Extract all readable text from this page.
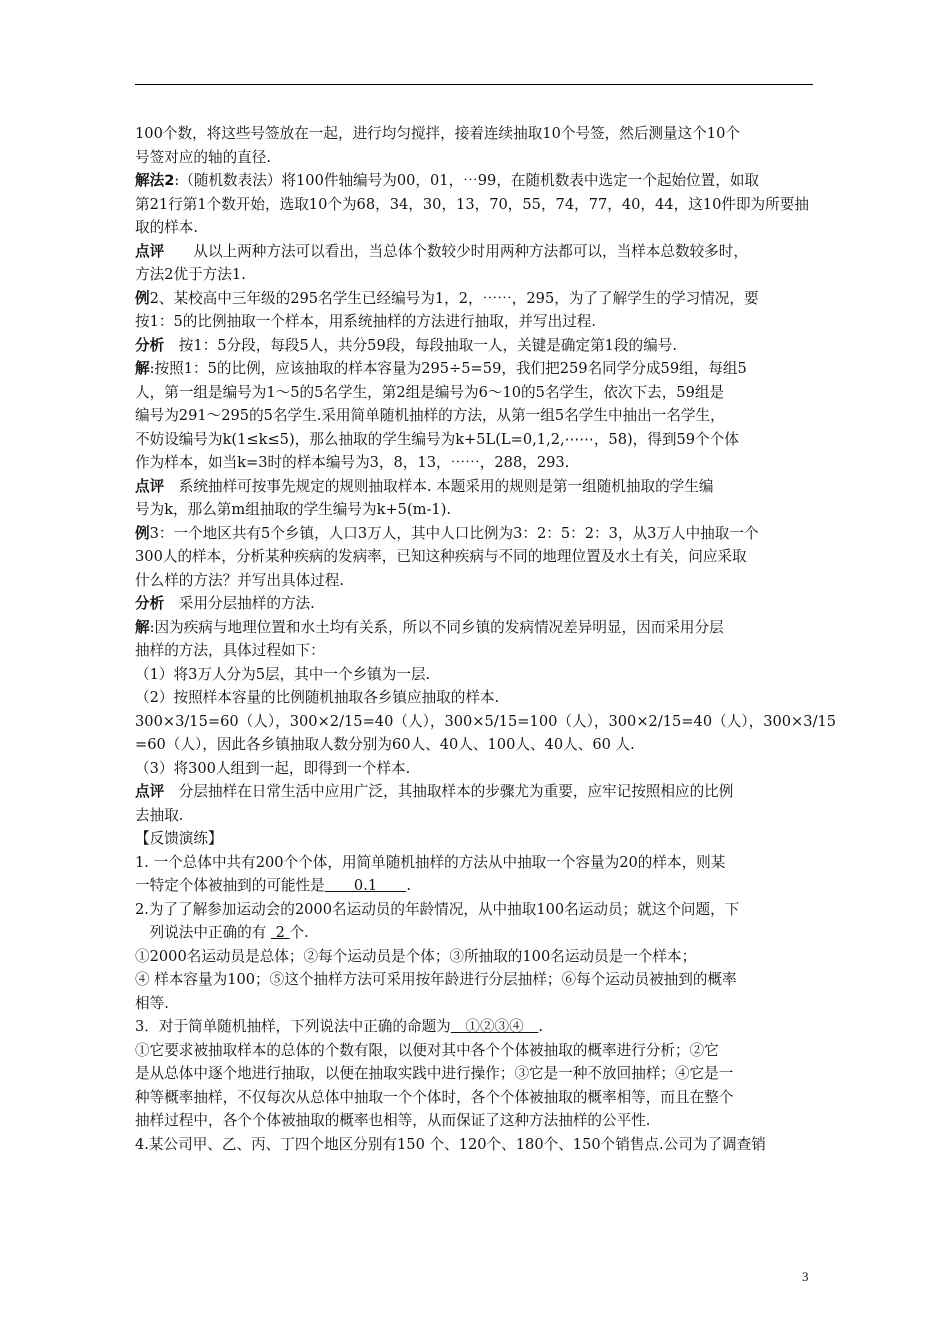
100个数，将这些号签放在一起，进行均匀搅拌，接着连续抽取10个号签，然后测量这个10个
号签对应的轴的直径.
解法2:（随机数表法）将100件轴编号为00，01，⋯99，在随机数表中选定一个起始位置，如取
第21行第1个数开始，选取10个为68，34，30，13，70，55，74，77，40，44，这10件即为所要抽
取的样本.
点评　　从以上两种方法可以看出，当总体个数较少时用两种方法都可以，当样本总数较多时，
方法2优于方法1.
例2、某校高中三年级的295名学生已经编号为1，2，⋯⋯，295，为了了解学生的学习情况，要
按1：5的比例抽取一个样本，用系统抽样的方法进行抽取，并写出过程.
分析　按1：5分段，每段5人，共分59段，每段抽取一人，关键是确定第1段的编号.
解:按照1：5的比例，应该抽取的样本容量为295÷5=59，我们把259名同学分成59组，每组5
人，第一组是编号为1～5的5名学生，第2组是编号为6～10的5名学生，依次下去，59组是
编号为291～295的5名学生.采用简单随机抽样的方法，从第一组5名学生中抽出一名学生，
不妨设编号为k(1≤k≤5)，那么抽取的学生编号为k+5L(L=0,1,2,⋯⋯，58)，得到59个个体
作为样本，如当k=3时的样本编号为3，8，13，⋯⋯，288，293.
点评　系统抽样可按事先规定的规则抽取样本. 本题采用的规则是第一组随机抽取的学生编
号为k，那么第m组抽取的学生编号为k+5(m-1).
例3：一个地区共有5个乡镇，人口3万人，其中人口比例为3：2：5：2：3，从3万人中抽取一个
300人的样本，分析某种疾病的发病率，已知这种疾病与不同的地理位置及水土有关，问应采取
什么样的方法？并写出具体过程.
分析　采用分层抽样的方法.
解:因为疾病与地理位置和水土均有关系，所以不同乡镇的发病情况差异明显，因而采用分层
抽样的方法，具体过程如下：
（1）将3万人分为5层，其中一个乡镇为一层.
（2）按照样本容量的比例随机抽取各乡镇应抽取的样本.
300×3/15=60（人），300×2/15=40（人），300×5/15=100（人），300×2/15=40（人），300×3/15
=60（人），因此各乡镇抽取人数分别为60人、40人、100人、40人、60 人.
（3）将300人组到一起，即得到一个样本.
点评　分层抽样在日常生活中应用广泛，其抽取样本的步骤尤为重要，应牢记按照相应的比例
去抽取.
【反馈演练】
1. 一个总体中共有200个个体，用简单随机抽样的方法从中抽取一个容量为20的样本，则某
一特定个体被抽到的可能性是　　0.1　　.
2.为了了解参加运动会的2000名运动员的年龄情况，从中抽取100名运动员；就这个问题，下
　列说法中正确的有  2 个.
①2000名运动员是总体；②每个运动员是个体；③所抽取的100名运动员是一个样本；
④ 样本容量为100；⑤这个抽样方法可采用按年龄进行分层抽样；⑥每个运动员被抽到的概率
相等.
3．对于简单随机抽样，下列说法中正确的命题为　①②③④　.
①它要求被抽取样本的总体的个数有限，以便对其中各个个体被抽取的概率进行分析；②它
是从总体中逐个地进行抽取，以便在抽取实践中进行操作；③它是一种不放回抽样；④它是一
种等概率抽样，不仅每次从总体中抽取一个个体时，各个个体被抽取的概率相等，而且在整个
抽样过程中，各个个体被抽取的概率也相等，从而保证了这种方法抽样的公平性.
4.某公司甲、乙、丙、丁四个地区分别有150 个、120个、180个、150个销售点.公司为了调查销
3
